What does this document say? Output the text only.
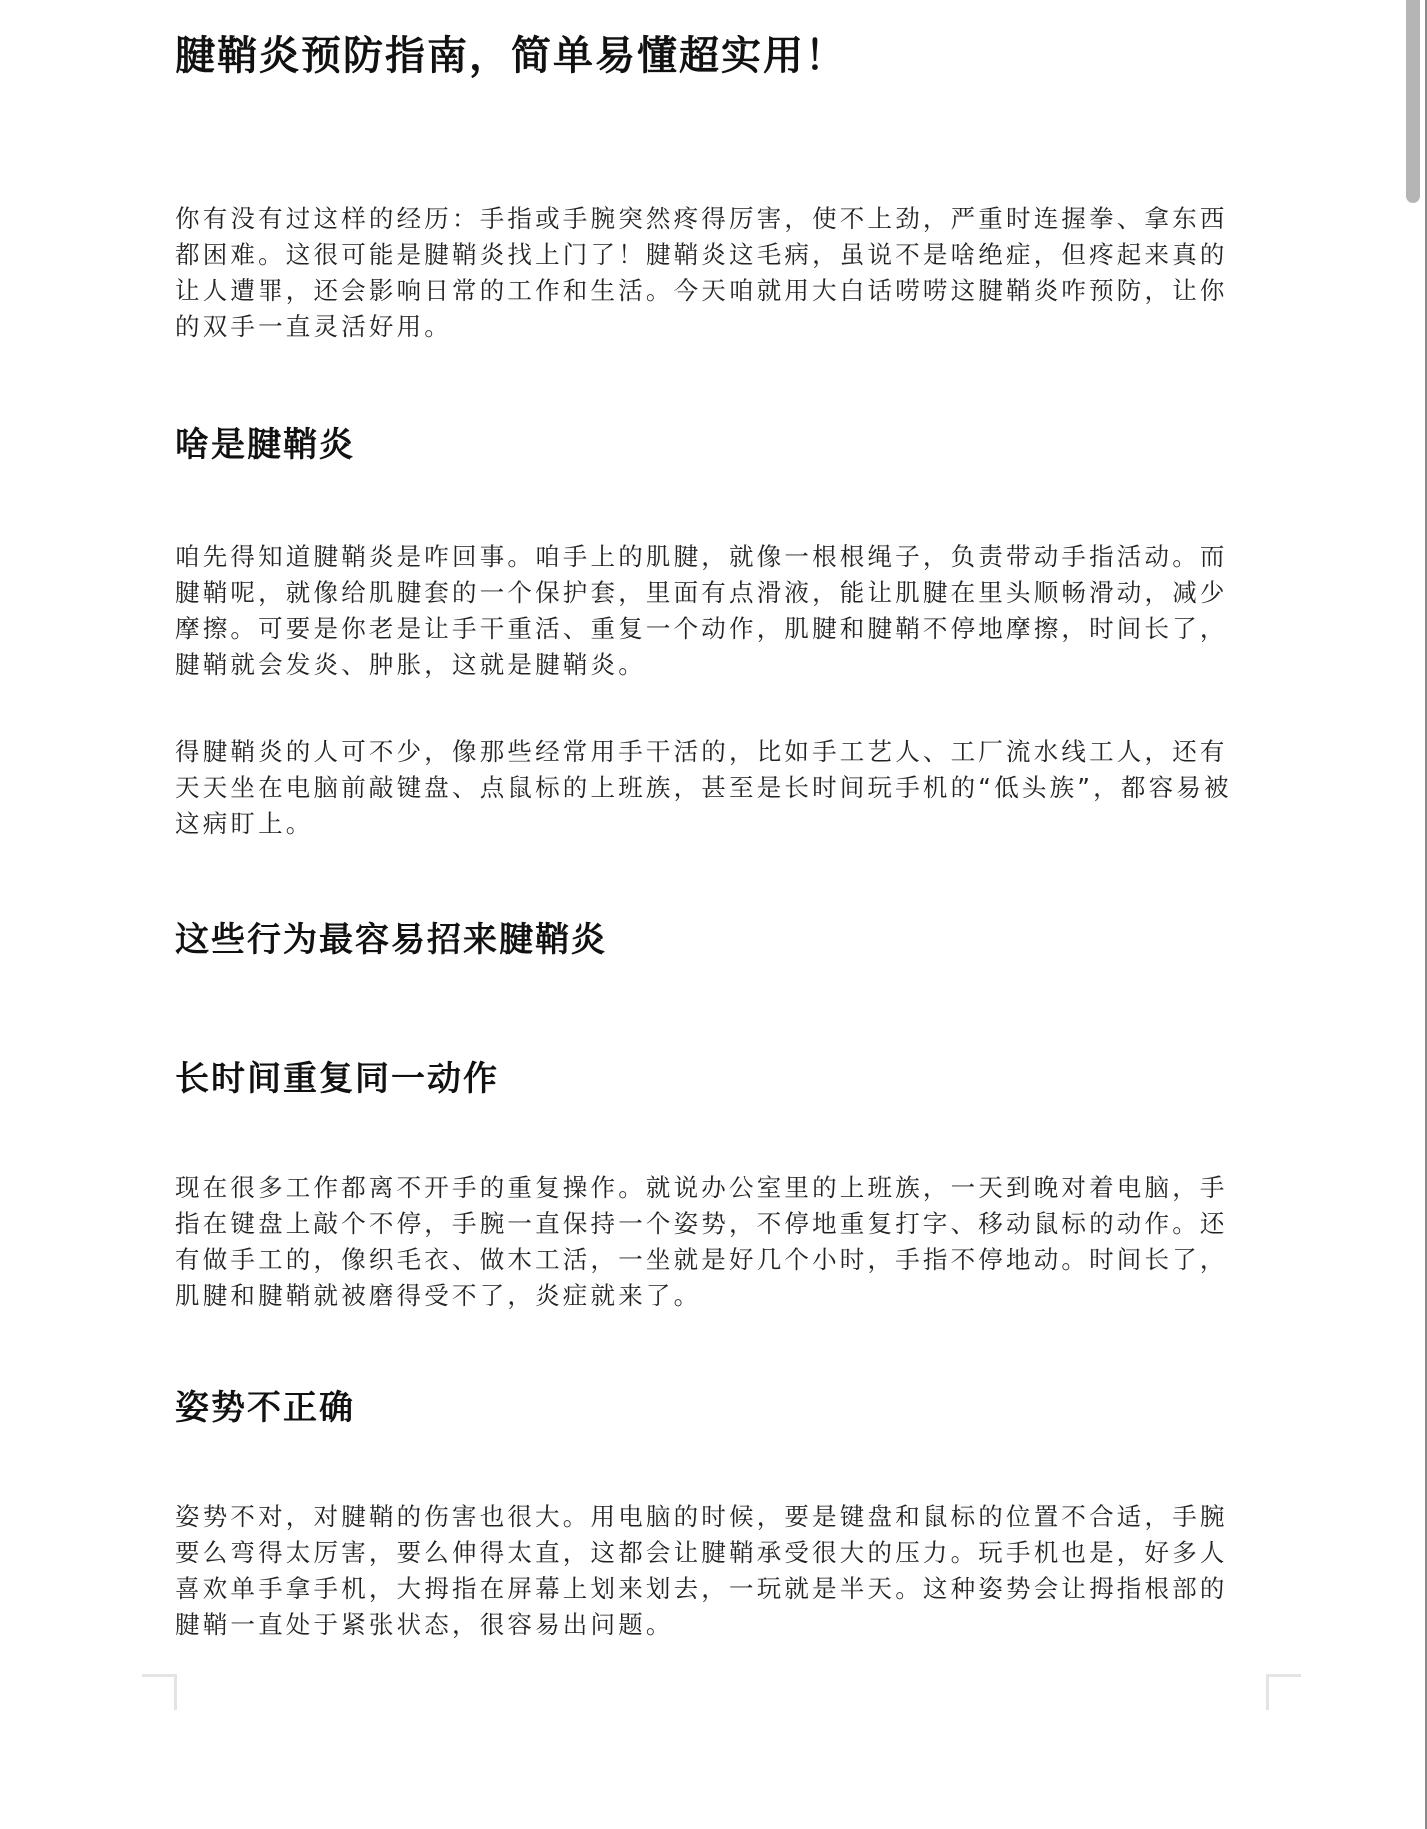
腱鞘炎预防指南，简单易懂超实用！
你有没有过这样的经历：手指或手腕突然疼得厉害，使不上劲，严重时连握拳、拿东西
都困难。这很可能是腱鞘炎找上门了！腱鞘炎这毛病，虽说不是啥绝症，但疼起来真的
让人遭罪，还会影响日常的工作和生活。今天咱就用大白话唠唠这腱鞘炎咋预防，让你
的双手一直灵活好用。
啥是腱鞘炎
咱先得知道腱鞘炎是咋回事。咱手上的肌腱，就像一根根绳子，负责带动手指活动。而
腱鞘呢，就像给肌腱套的一个保护套，里面有点滑液，能让肌腱在里头顺畅滑动，减少
摩擦。可要是你老是让手干重活、重复一个动作，肌腱和腱鞘不停地摩擦，时间长了，
腱鞘就会发炎、肿胀，这就是腱鞘炎。
得腱鞘炎的人可不少，像那些经常用手干活的，比如手工艺人、工厂流水线工人，还有
天天坐在电脑前敲键盘、点鼠标的上班族，甚至是长时间玩手机的“低头族”，都容易被
这病盯上。
这些行为最容易招来腱鞘炎
长时间重复同一动作
现在很多工作都离不开手的重复操作。就说办公室里的上班族，一天到晚对着电脑，手
指在键盘上敲个不停，手腕一直保持一个姿势，不停地重复打字、移动鼠标的动作。还
有做手工的，像织毛衣、做木工活，一坐就是好几个小时，手指不停地动。时间长了，
肌腱和腱鞘就被磨得受不了，炎症就来了。
姿势不正确
姿势不对，对腱鞘的伤害也很大。用电脑的时候，要是键盘和鼠标的位置不合适，手腕
要么弯得太厉害，要么伸得太直，这都会让腱鞘承受很大的压力。玩手机也是，好多人
喜欢单手拿手机，大拇指在屏幕上划来划去，一玩就是半天。这种姿势会让拇指根部的
腱鞘一直处于紧张状态，很容易出问题。
